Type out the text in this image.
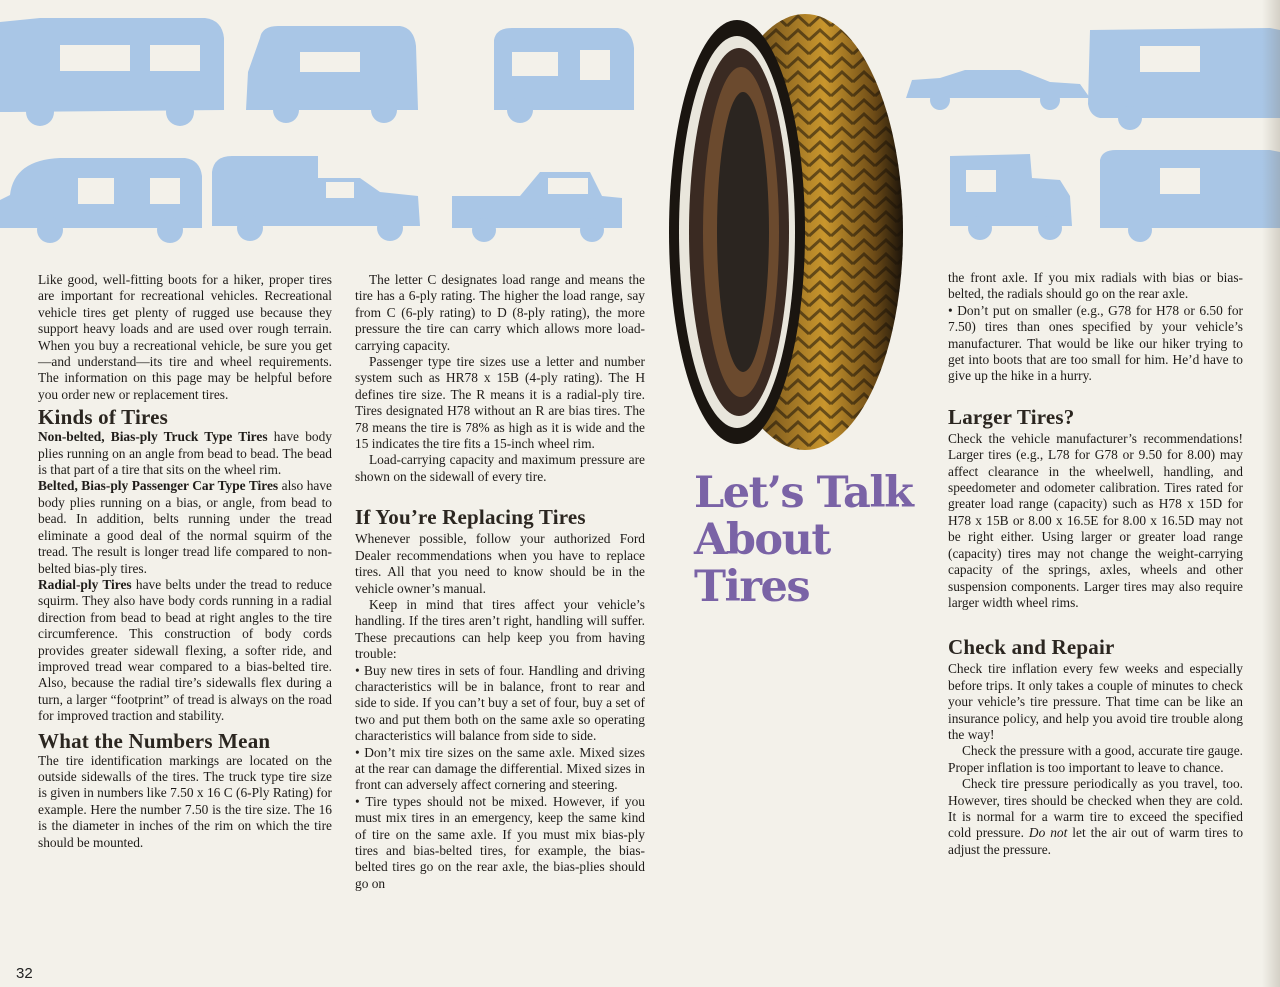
Let’s Talk
About
Tires

Like good, well-fitting boots for a hiker, proper tires are important for recreational vehicles. Recreational vehicle tires get plenty of rugged use because they support heavy loads and are used over rough terrain. When you buy a recreational vehicle, be sure you get—and understand—its tire and wheel requirements. The information on this page may be helpful before you order new or replacement tires.

Kinds of Tires

Non-belted, Bias-ply Truck Type Tires have body plies running on an angle from bead to bead. The bead is that part of a tire that sits on the wheel rim.

Belted, Bias-ply Passenger Car Type Tires also have body plies running on a bias, or angle, from bead to bead. In addition, belts running under the tread eliminate a good deal of the normal squirm of the tread. The result is longer tread life compared to non-belted bias-ply tires.

Radial-ply Tires have belts under the tread to reduce squirm. They also have body cords running in a radial direction from bead to bead at right angles to the tire circumference. This construction of body cords provides greater sidewall flexing, a softer ride, and improved tread wear compared to a bias-belted tire. Also, because the radial tire’s sidewalls flex during a turn, a larger “footprint” of tread is always on the road for improved traction and stability.

What the Numbers Mean

The tire identification markings are located on the outside sidewalls of the tires. The truck type tire size is given in numbers like 7.50 x 16 C (6-Ply Rating) for example. Here the number 7.50 is the tire size. The 16 is the diameter in inches of the rim on which the tire should be mounted.

The letter C designates load range and means the tire has a 6-ply rating. The higher the load range, say from C (6-ply rating) to D (8-ply rating), the more pressure the tire can carry which allows more load-carrying capacity.

Passenger type tire sizes use a letter and number system such as HR78 x 15B (4-ply rating). The H defines tire size. The R means it is a radial-ply tire. Tires designated H78 without an R are bias tires. The 78 means the tire is 78% as high as it is wide and the 15 indicates the tire fits a 15-inch wheel rim.

Load-carrying capacity and maximum pressure are shown on the sidewall of every tire.

If You’re Replacing Tires

Whenever possible, follow your authorized Ford Dealer recommendations when you have to replace tires. All that you need to know should be in the vehicle owner’s manual.

Keep in mind that tires affect your vehicle’s handling. If the tires aren’t right, handling will suffer. These precautions can help keep you from having trouble:

• Buy new tires in sets of four. Handling and driving characteristics will be in balance, front to rear and side to side. If you can’t buy a set of four, buy a set of two and put them both on the same axle so operating characteristics will balance from side to side.

• Don’t mix tire sizes on the same axle. Mixed sizes at the rear can damage the differential. Mixed sizes in front can adversely affect cornering and steering.

• Tire types should not be mixed. However, if you must mix tires in an emergency, keep the same kind of tire on the same axle. If you must mix bias-ply tires and bias-belted tires, for example, the bias-belted tires go on the rear axle, the bias-plies should go on

the front axle. If you mix radials with bias or bias-belted, the radials should go on the rear axle.

• Don’t put on smaller (e.g., G78 for H78 or 6.50 for 7.50) tires than ones specified by your vehicle’s manufacturer. That would be like our hiker trying to get into boots that are too small for him. He’d have to give up the hike in a hurry.

Larger Tires?

Check the vehicle manufacturer’s recommendations! Larger tires (e.g., L78 for G78 or 9.50 for 8.00) may affect clearance in the wheelwell, handling, and speedometer and odometer calibration. Tires rated for greater load range (capacity) such as H78 x 15D for H78 x 15B or 8.00 x 16.5E for 8.00 x 16.5D may not be right either. Using larger or greater load range (capacity) tires may not change the weight-carrying capacity of the springs, axles, wheels and other suspension components. Larger tires may also require larger width wheel rims.

Check and Repair

Check tire inflation every few weeks and especially before trips. It only takes a couple of minutes to check your vehicle’s tire pressure. That time can be like an insurance policy, and help you avoid tire trouble along the way!

Check the pressure with a good, accurate tire gauge. Proper inflation is too important to leave to chance.

Check tire pressure periodically as you travel, too. However, tires should be checked when they are cold. It is normal for a warm tire to exceed the specified cold pressure. Do not let the air out of warm tires to adjust the pressure.

32
